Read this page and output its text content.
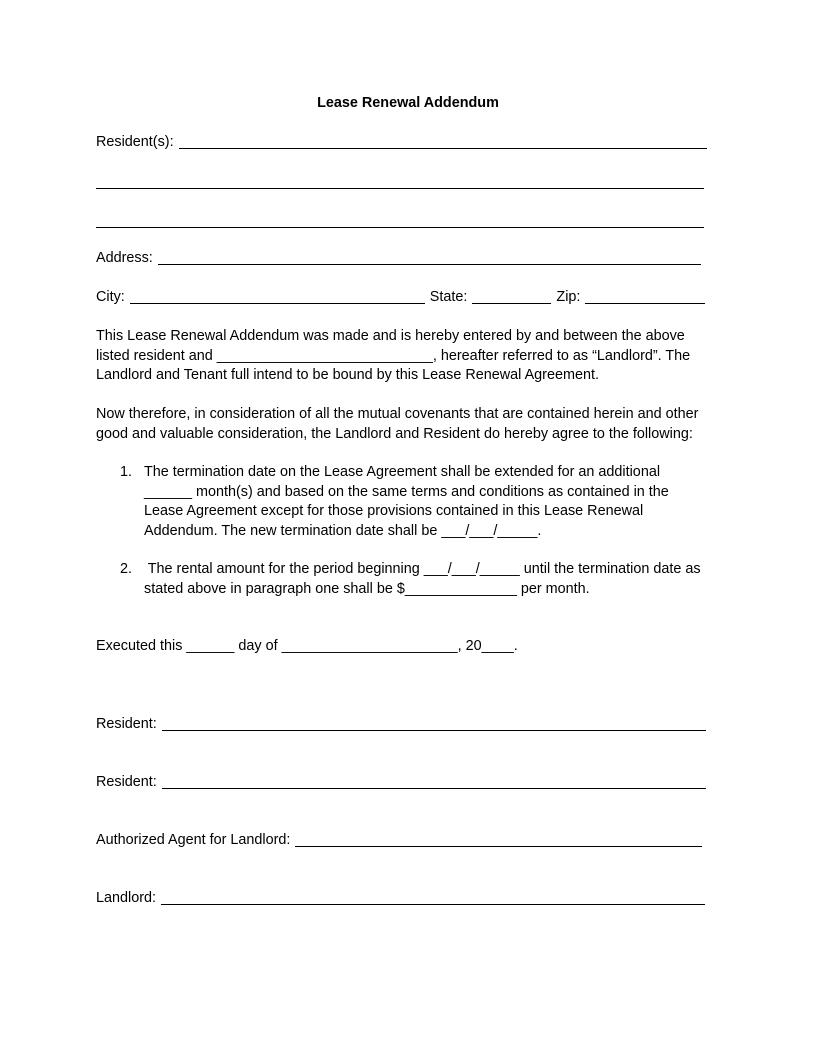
Lease Renewal Addendum
Resident(s):
Address:
City:	State:	Zip:
This Lease Renewal Addendum was made and is hereby entered by and between the above
listed resident and ___________________________, hereafter referred to as “Landlord”. The
Landlord and Tenant full intend to be bound by this Lease Renewal Agreement.
Now therefore, in consideration of all the mutual covenants that are contained herein and other
good and valuable consideration, the Landlord and Resident do hereby agree to the following:
1. The termination date on the Lease Agreement shall be extended for an additional
______ month(s) and based on the same terms and conditions as contained in the
Lease Agreement except for those provisions contained in this Lease Renewal
Addendum. The new termination date shall be ___/___/_____.
2. The rental amount for the period beginning ___/___/_____ until the termination date as
stated above in paragraph one shall be $______________ per month.
Executed this ______ day of ______________________, 20____.
Resident:
Resident:
Authorized Agent for Landlord:
Landlord:
